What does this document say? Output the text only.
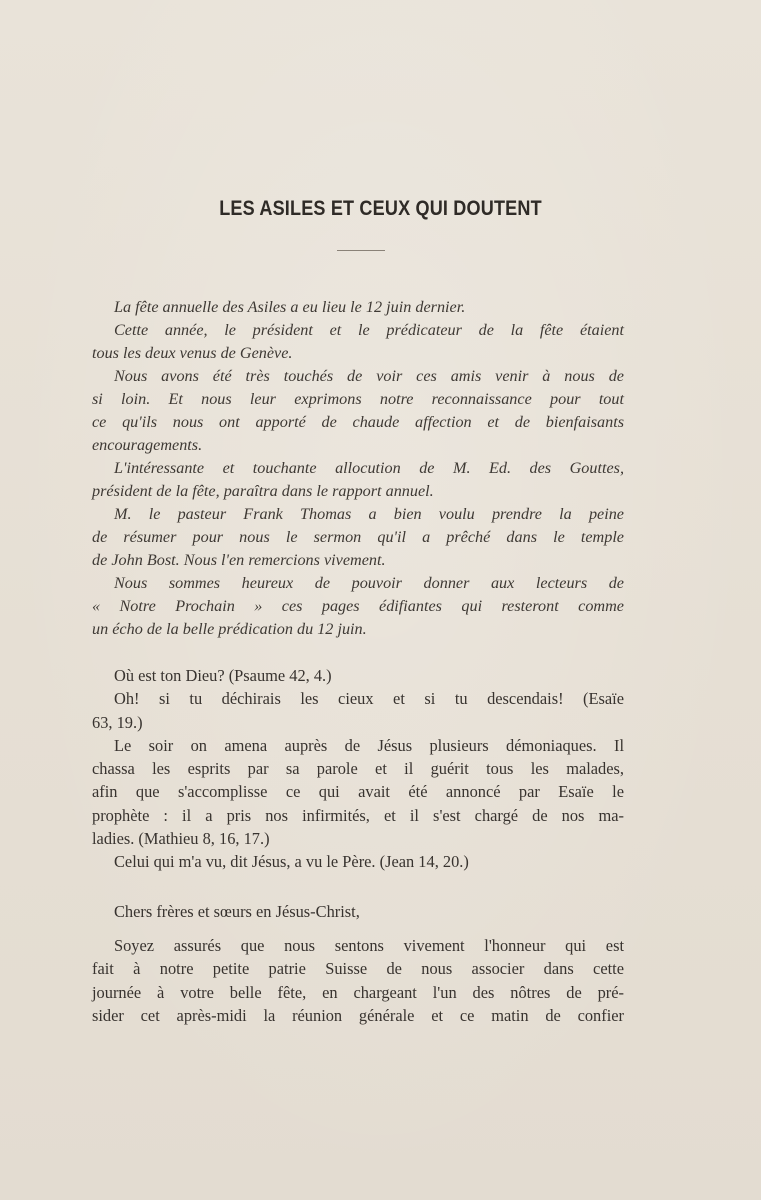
LES ASILES ET CEUX QUI DOUTENT

La fête annuelle des Asiles a eu lieu le 12 juin dernier.

Cette année, le président et le prédicateur de la fête étaient

tous les deux venus de Genève.

Nous avons été très touchés de voir ces amis venir à nous de

si loin. Et nous leur exprimons notre reconnaissance pour tout

ce qu'ils nous ont apporté de chaude affection et de bienfaisants

encouragements.

L'intéressante et touchante allocution de M. Ed. des Gouttes,

président de la fête, paraîtra dans le rapport annuel.

M. le pasteur Frank Thomas a bien voulu prendre la peine

de résumer pour nous le sermon qu'il a prêché dans le temple

de John Bost. Nous l'en remercions vivement.

Nous sommes heureux de pouvoir donner aux lecteurs de

« Notre Prochain » ces pages édifiantes qui resteront comme

un écho de la belle prédication du 12 juin.

Où est ton Dieu? (Psaume 42, 4.)

Oh! si tu déchirais les cieux et si tu descendais! (Esaïe

63, 19.)

Le soir on amena auprès de Jésus plusieurs démoniaques. Il

chassa les esprits par sa parole et il guérit tous les malades,

afin que s'accomplisse ce qui avait été annoncé par Esaïe le

prophète : il a pris nos infirmités, et il s'est chargé de nos ma-

ladies. (Mathieu 8, 16, 17.)

Celui qui m'a vu, dit Jésus, a vu le Père. (Jean 14, 20.)

Chers frères et sœurs en Jésus-Christ,

Soyez assurés que nous sentons vivement l'honneur qui est

fait à notre petite patrie Suisse de nous associer dans cette

journée à votre belle fête, en chargeant l'un des nôtres de pré-

sider cet après-midi la réunion générale et ce matin de confier
